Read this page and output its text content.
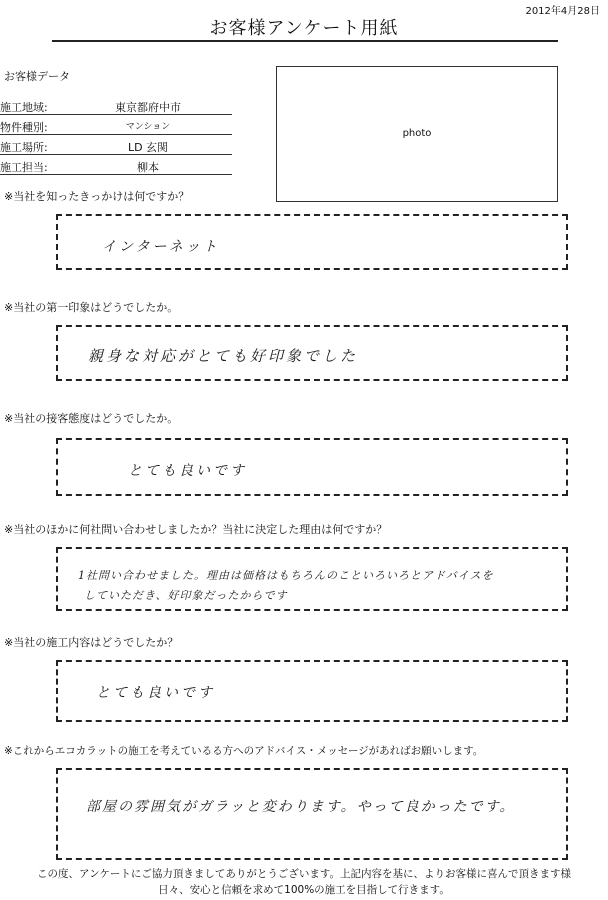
2012年4月28日
お客様アンケート用紙
お客様データ
施工地域:	東京都府中市
物件種別:	マンション
施工場所:	LD 玄関
施工担当:	柳本
photo
※当社を知ったきっかけは何ですか？
インターネット
※当社の第一印象はどうでしたか。
親身な対応がとても好印象でした
※当社の接客態度はどうでしたか。
とても良いです
※当社のほかに何社問い合わせしましたか？当社に決定した理由は何ですか？
1社問い合わせました。理由は価格はもちろんのこといろいろとアドバイスを
していただき、好印象だったからです
※当社の施工内容はどうでしたか？
とても良いです
※これからエコカラットの施工を考えているる方へのアドバイス・メッセージがあればお願いします。
部屋の雰囲気がガラッと変わります。やって良かったです。
この度、アンケートにご協力頂きましてありがとうございます。上記内容を基に、よりお客様に喜んで頂きます様
日々、安心と信頼を求めて100%の施工を目指して行きます。
